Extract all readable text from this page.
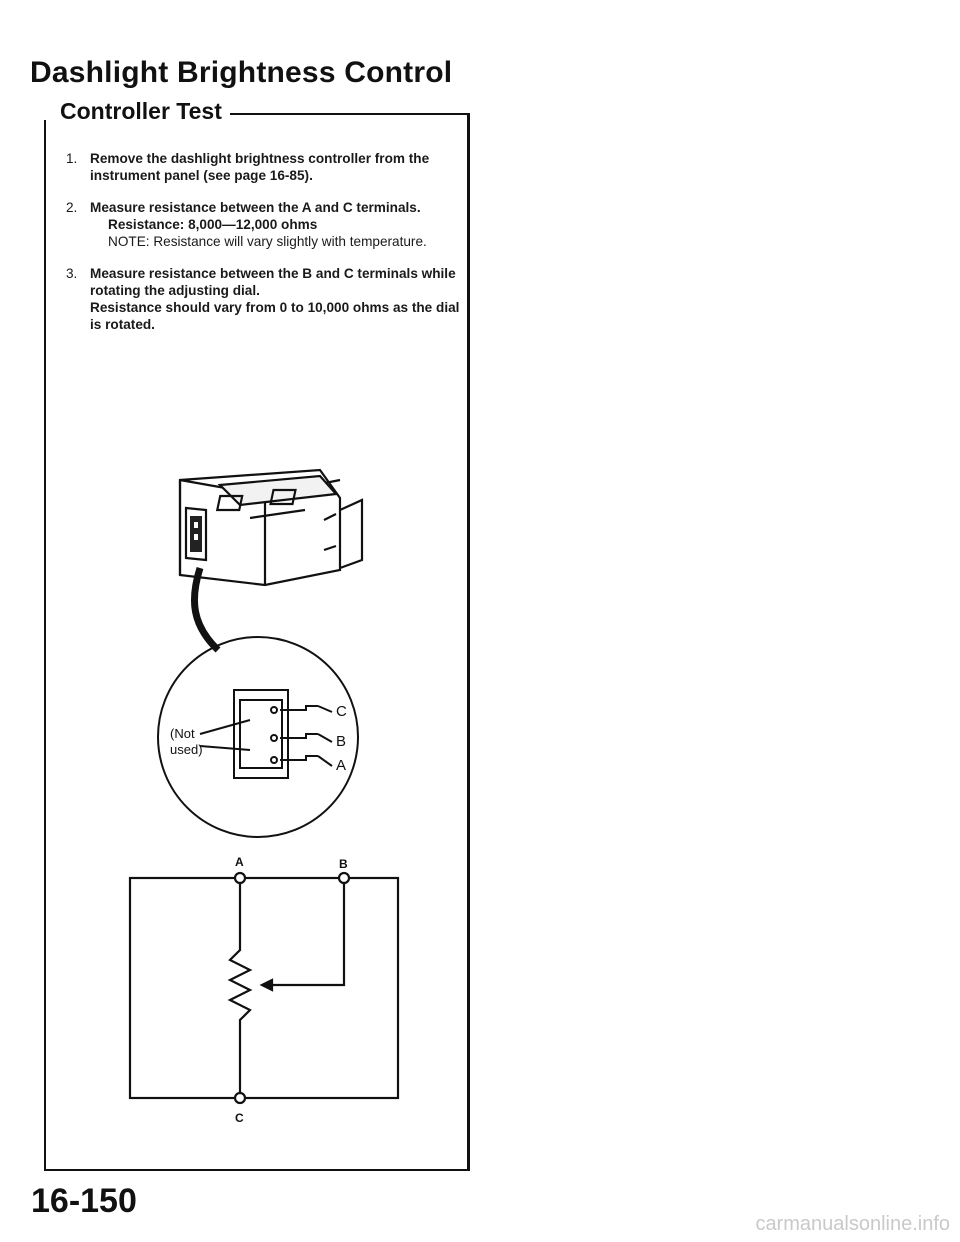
Dashlight Brightness Control
Controller Test
1. Remove the dashlight brightness controller from the instrument panel (see page 16-85).

2. Measure resistance between the A and C terminals.

Resistance: 8,000—12,000 ohms

NOTE: Resistance will vary slightly with temperature.

3. Measure resistance between the B and C terminals while rotating the adjusting dial.

Resistance should vary from 0 to 10,000 ohms as the dial is rotated.

C
B
A
(Not
used)
A	B
C
16-150
carmanualsonline.info
